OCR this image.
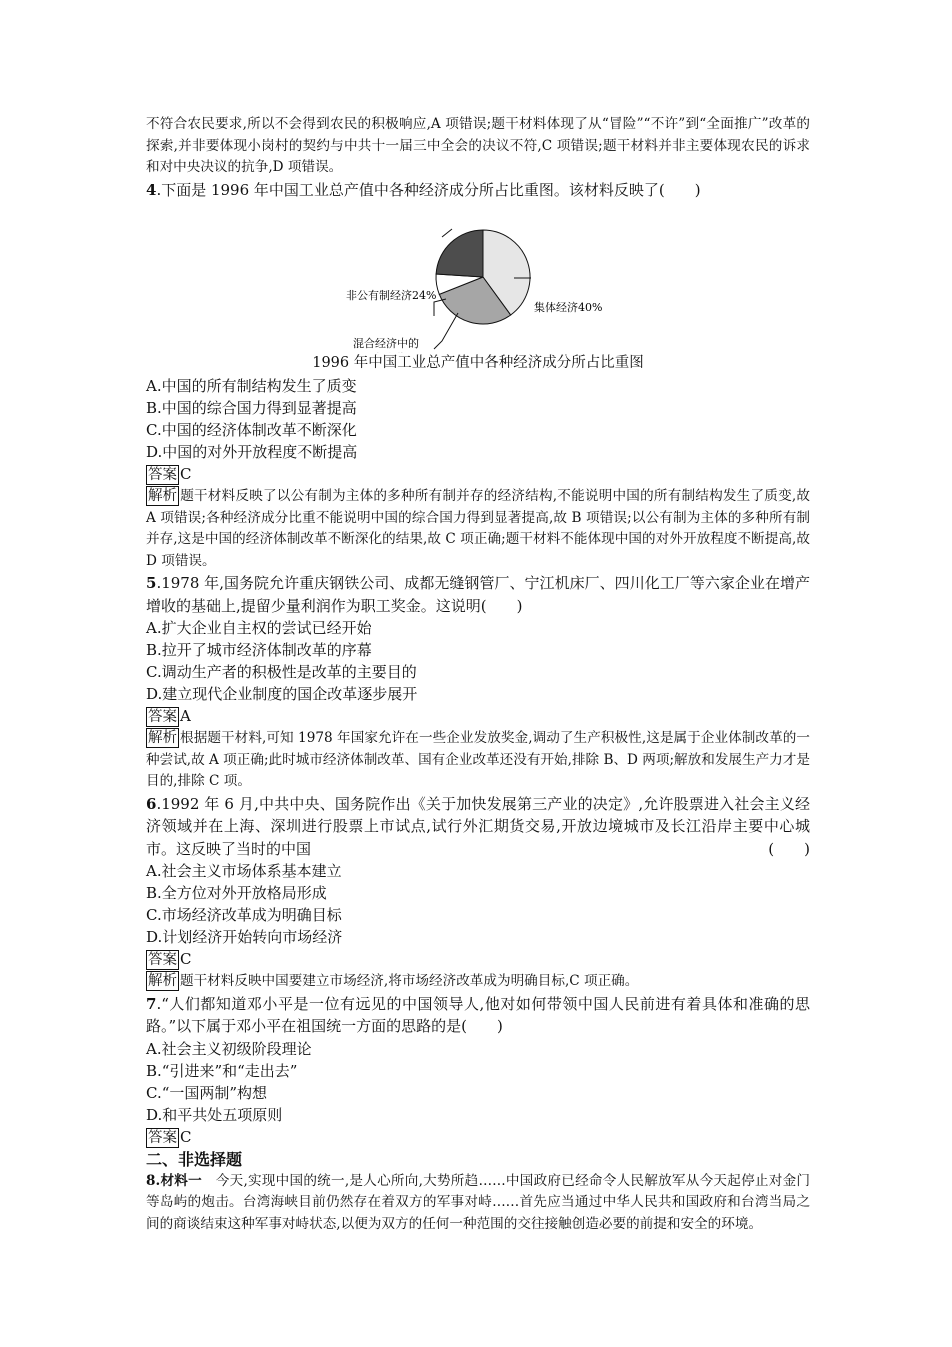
不符合农民要求,所以不会得到农民的积极响应,A 项错误;题干材料体现了从“冒险”“不许”到“全面推广”改革的探索,并非要体现小岗村的契约与中共十一届三中全会的决议不符,C 项错误;题干材料并非主要体现农民的诉求和对中央决议的抗争,D 项错误。

4.下面是 1996 年中国工业总产值中各种经济成分所占比重图。该材料反映了(　　)

非公有制经济24%
集体经济40%
混合经济中的

1996 年中国工业总产值中各种经济成分所占比重图

A.中国的所有制结构发生了质变

B.中国的综合国力得到显著提高

C.中国的经济体制改革不断深化

D.中国的对外开放程度不断提高

答案 C

解析 题干材料反映了以公有制为主体的多种所有制并存的经济结构,不能说明中国的所有制结构发生了质变,故 A 项错误;各种经济成分比重不能说明中国的综合国力得到显著提高,故 B 项错误;以公有制为主体的多种所有制并存,这是中国的经济体制改革不断深化的结果,故 C 项正确;题干材料不能体现中国的对外开放程度不断提高,故 D 项错误。

5.1978 年,国务院允许重庆钢铁公司、成都无缝钢管厂、宁江机床厂、四川化工厂等六家企业在增产增收的基础上,提留少量利润作为职工奖金。这说明(　　)

A.扩大企业自主权的尝试已经开始

B.拉开了城市经济体制改革的序幕

C.调动生产者的积极性是改革的主要目的

D.建立现代企业制度的国企改革逐步展开

答案 A

解析 根据题干材料,可知 1978 年国家允许在一些企业发放奖金,调动了生产积极性,这是属于企业体制改革的一种尝试,故 A 项正确;此时城市经济体制改革、国有企业改革还没有开始,排除 B、D 两项;解放和发展生产力才是目的,排除 C 项。

6.1992 年 6 月,中共中央、国务院作出《关于加快发展第三产业的决定》,允许股票进入社会主义经济领域并在上海、深圳进行股票上市试点,试行外汇期货交易,开放边境城市及长江沿岸主要中心城市。这反映了当时的中国	(　　)

A.社会主义市场体系基本建立

B.全方位对外开放格局形成

C.市场经济改革成为明确目标

D.计划经济开始转向市场经济

答案 C

解析 题干材料反映中国要建立市场经济,将市场经济改革成为明确目标,C 项正确。

7.“人们都知道邓小平是一位有远见的中国领导人,他对如何带领中国人民前进有着具体和准确的思路。”以下属于邓小平在祖国统一方面的思路的是(　　)

A.社会主义初级阶段理论

B.“引进来”和“走出去”

C.“一国两制”构想

D.和平共处五项原则

答案 C

二、非选择题

8.材料一　今天,实现中国的统一,是人心所向,大势所趋……中国政府已经命令人民解放军从今天起停止对金门等岛屿的炮击。台湾海峡目前仍然存在着双方的军事对峙……首先应当通过中华人民共和国政府和台湾当局之间的商谈结束这种军事对峙状态,以便为双方的任何一种范围的交往接触创造必要的前提和安全的环境。
